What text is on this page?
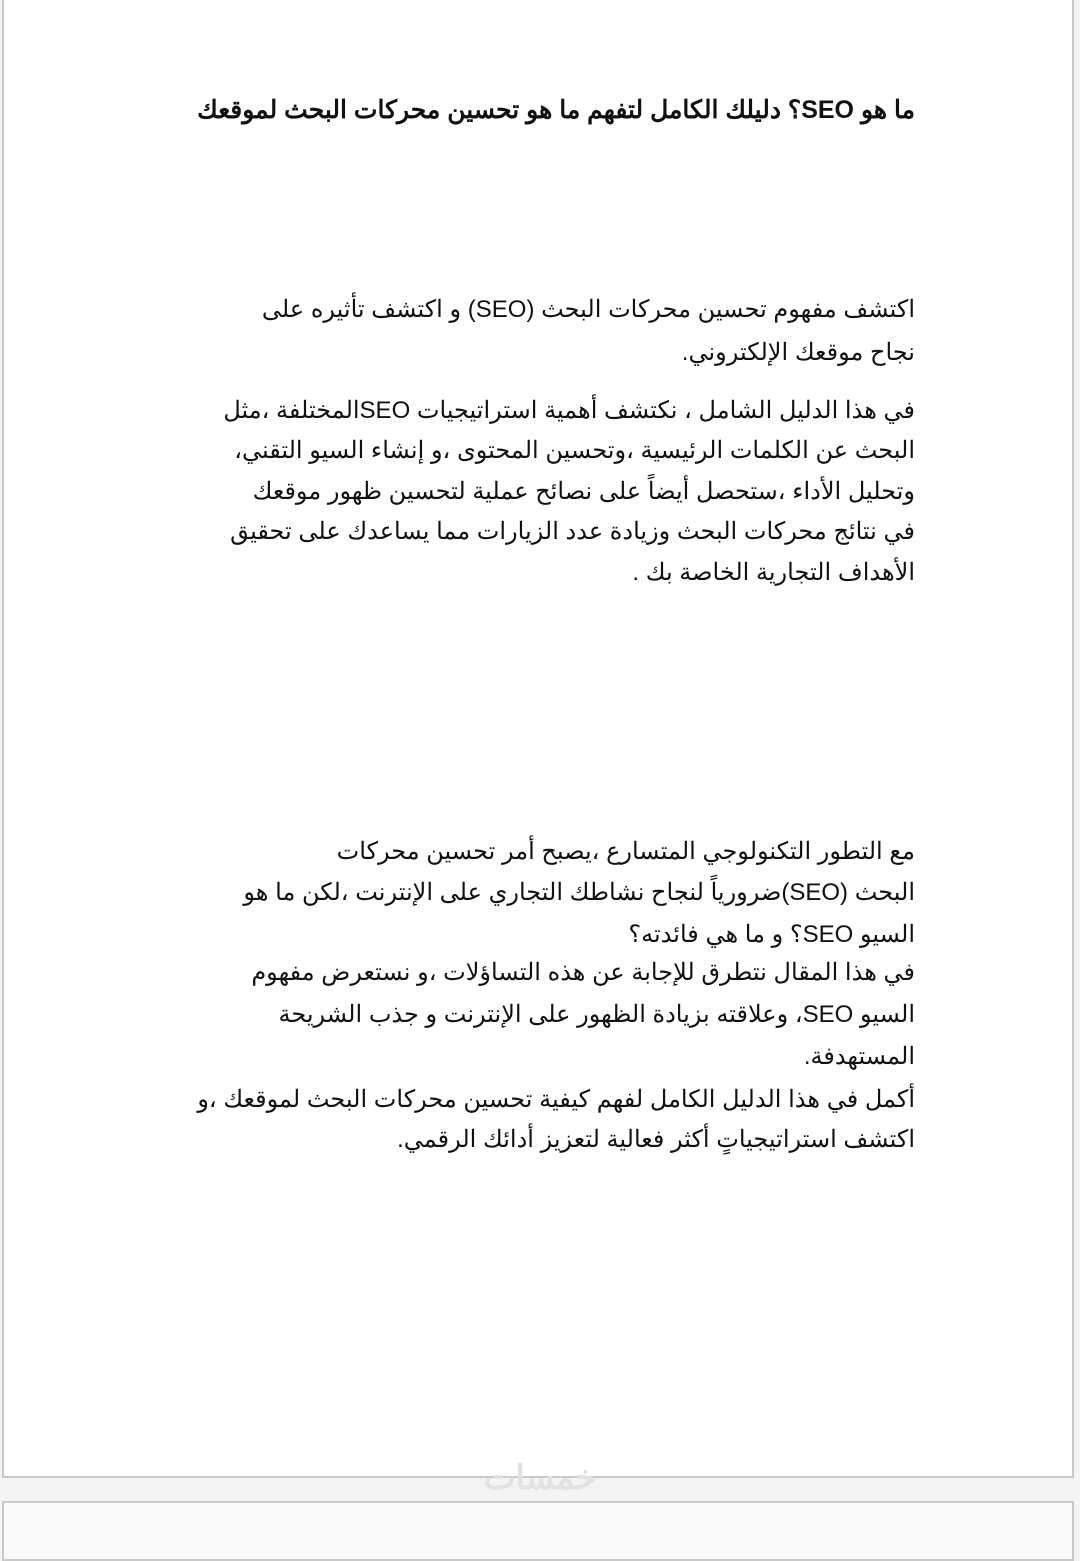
ما هو SEO؟ دليلك الكامل لتفهم ما هو تحسين محركات البحث لموقعك
اكتشف مفهوم تحسين محركات البحث (SEO) و اكتشف تأثيره على
نجاح موقعك الإلكتروني.
في هذا الدليل الشامل ، نكتشف أهمية استراتيجيات SEOالمختلفة ،مثل
البحث عن الكلمات الرئيسية ،وتحسين المحتوى ،و إنشاء السيو التقني،
وتحليل الأداء ،ستحصل أيضاً على نصائح عملية لتحسين ظهور موقعك
في نتائج محركات البحث وزيادة عدد الزيارات مما يساعدك على تحقيق
الأهداف التجارية الخاصة بك .
مع التطور التكنولوجي المتسارع ،يصبح أمر تحسين محركات
البحث (SEO)ضرورياً لنجاح نشاطك التجاري على الإنترنت ،لكن ما هو
السيو SEO؟ و ما هي فائدته؟
في هذا المقال نتطرق للإجابة عن هذه التساؤلات ،و نستعرض مفهوم
السيو SEO، وعلاقته بزيادة الظهور على الإنترنت و جذب الشريحة
المستهدفة.
أكمل في هذا الدليل الكامل لفهم كيفية تحسين محركات البحث لموقعك ،و
اكتشف استراتيجياتٍ أكثر فعالية لتعزيز أدائك الرقمي.
خمسات
